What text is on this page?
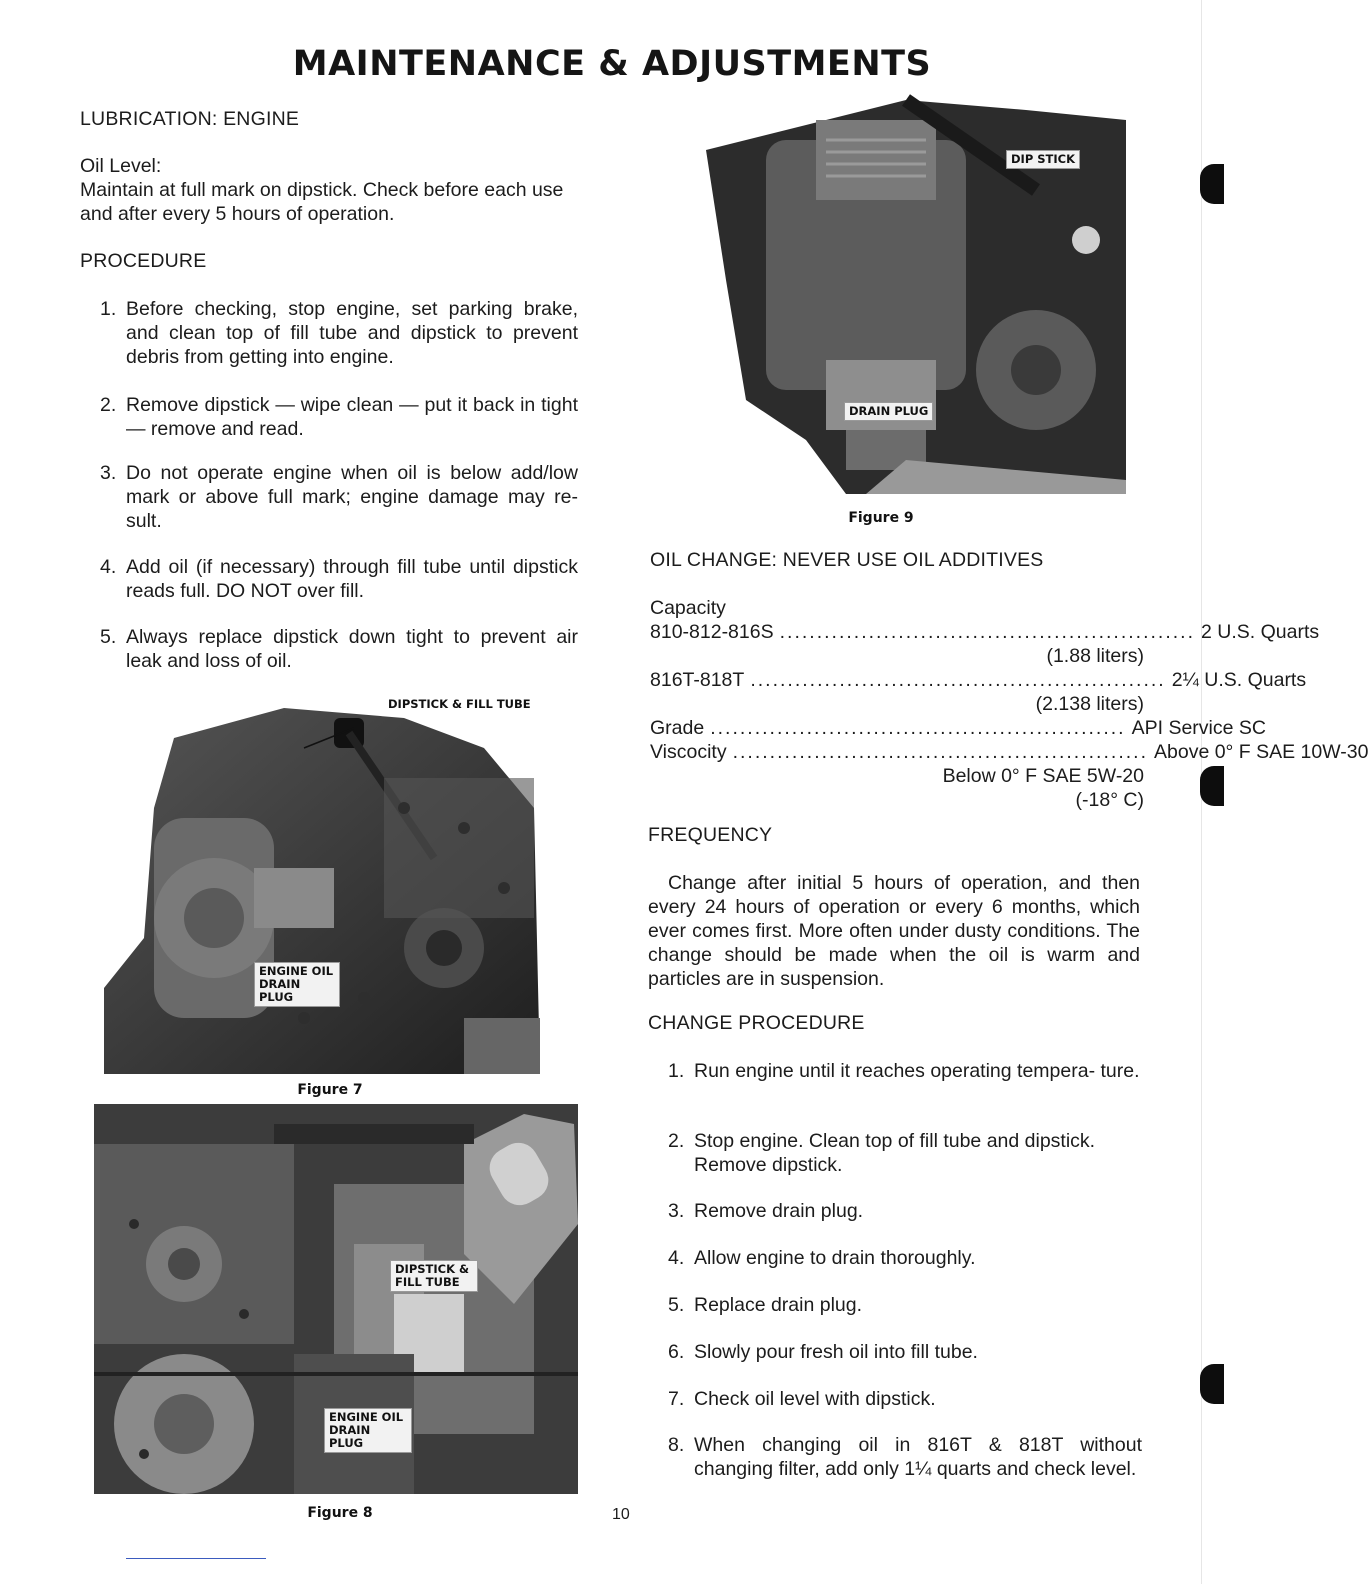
MAINTENANCE & ADJUSTMENTS
LUBRICATION: ENGINE
Oil Level:
Maintain at full mark on dipstick. Check before each use and after every 5 hours of operation.
PROCEDURE
1. Before checking, stop engine, set parking brake, and clean top of fill tube and dipstick to prevent debris from getting into engine.
2. Remove dipstick — wipe clean — put it back in tight — remove and read.
3. Do not operate engine when oil is below add/low mark or above full mark; engine damage may re- sult.
4. Add oil (if necessary) through fill tube until dipstick reads full. DO NOT over fill.
5. Always replace dipstick down tight to prevent air leak and loss of oil.
DIPSTICK & FILL TUBE
ENGINE OIL DRAIN PLUG
Figure 7
DIPSTICK & FILL TUBE
ENGINE OIL DRAIN PLUG
Figure 8	10
DIP STICK
DRAIN PLUG
Figure 9
OIL CHANGE: NEVER USE OIL ADDITIVES
Capacity
810-812-816S ........................................................ 2 U.S. Quarts
(1.88 liters)
816T-818T ........................................................ 2¼ U.S. Quarts
(2.138 liters)
Grade ........................................................ API Service SC
Viscocity ........................................................ Above 0° F SAE 10W-30
Below 0° F SAE 5W-20
(-18° C)
FREQUENCY
Change after initial 5 hours of operation, and then every 24 hours of operation or every 6 months, which ever comes first. More often under dusty conditions. The change should be made when the oil is warm and particles are in suspension.
CHANGE PROCEDURE
1. Run engine until it reaches operating tempera- ture.
2. Stop engine. Clean top of fill tube and dipstick. Remove dipstick.
3. Remove drain plug.
4. Allow engine to drain thoroughly.
5. Replace drain plug.
6. Slowly pour fresh oil into fill tube.
7. Check oil level with dipstick.
8. When changing oil in 816T & 818T without changing filter, add only 1¼ quarts and check level.
